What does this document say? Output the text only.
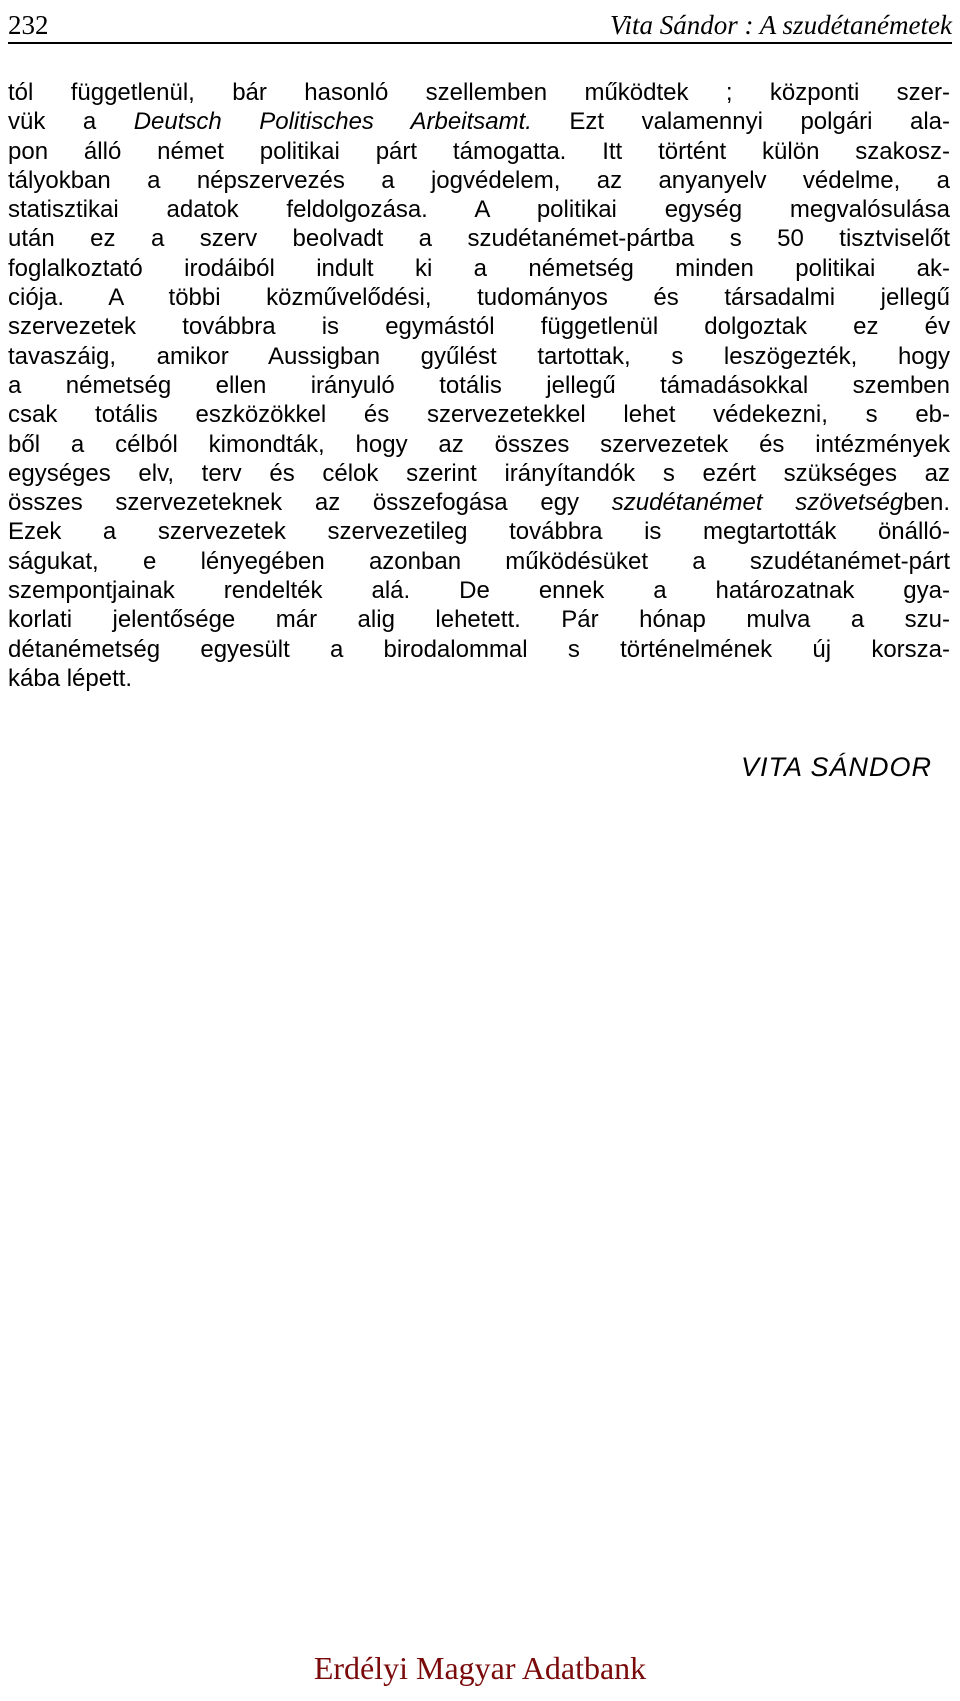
232	Vita Sándor : A szudétanémetek
tól függetlenül, bár hasonló szellemben működtek ; központi szer-
vük a Deutsch Politisches Arbeitsamt. Ezt valamennyi polgári ala-
pon álló német politikai párt támogatta. Itt történt külön szakosz-
tályokban a népszervezés a jogvédelem, az anyanyelv védelme, a
statisztikai adatok feldolgozása. A politikai egység megvalósulása
után ez a szerv beolvadt a szudétanémet-pártba s 50 tisztviselőt
foglalkoztató irodáiból indult ki a németség minden politikai ak-
ciója. A többi közművelődési, tudományos és társadalmi jellegű
szervezetek továbbra is egymástól függetlenül dolgoztak ez év
tavaszáig, amikor Aussigban gyűlést tartottak, s leszögezték, hogy
a németség ellen irányuló totális jellegű támadásokkal szemben
csak totális eszközökkel és szervezetekkel lehet védekezni, s eb-
ből a célból kimondták, hogy az összes szervezetek és intézmények
egységes elv, terv és célok szerint irányítandók s ezért szükséges az
összes szervezeteknek az összefogása egy szudétanémet szövetségben.
Ezek a szervezetek szervezetileg továbbra is megtartották önálló-
ságukat, e lényegében azonban működésüket a szudétanémet-párt
szempontjainak rendelték alá. De ennek a határozatnak gya-
korlati jelentősége már alig lehetett. Pár hónap mulva a szu-
détanémetség egyesült a birodalommal s történelmének új korsza-
kába lépett.
VITA SÁNDOR
Erdélyi Magyar Adatbank
